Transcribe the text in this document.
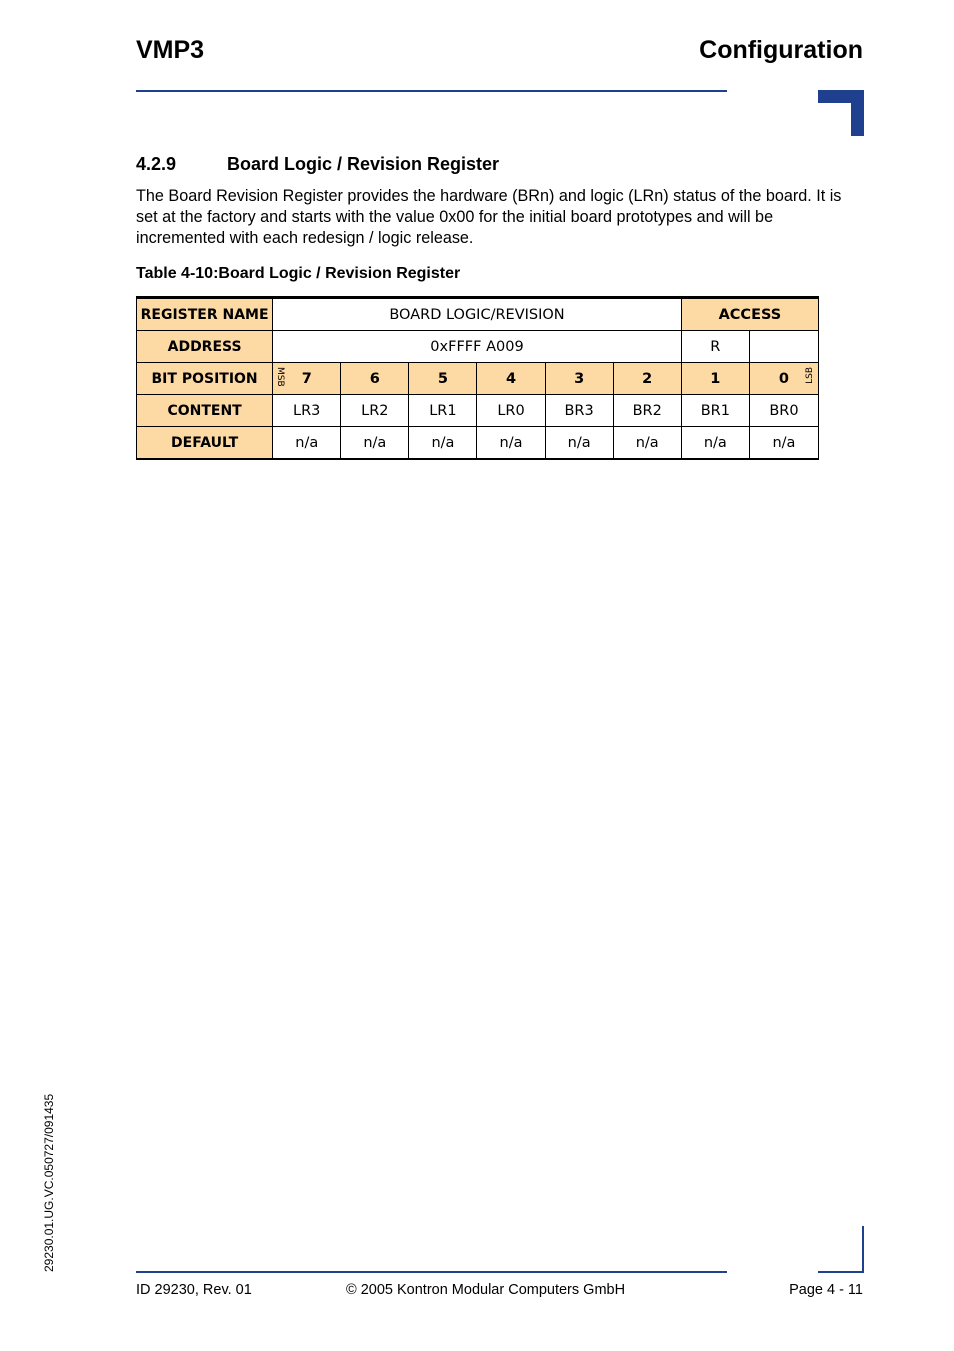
VMP3	Configuration
4.2.9	Board Logic / Revision Register
The Board Revision Register provides the hardware (BRn) and logic (LRn) status of the board. It is set at the factory and starts with the value 0x00 for the initial board prototypes and will be incremented with each redesign / logic release.
Table 4-10:Board Logic / Revision Register
REGISTER NAME	BOARD LOGIC/REVISION						ACCESS	
ADDRESS	0xFFFF A009						R	
BIT POSITION	MSB 7	6	5	4	3	2	1	0 LSB

CONTENT	LR3	LR2	LR1	LR0	BR3	BR2	BR1	BR0
DEFAULT	n/a	n/a	n/a	n/a	n/a	n/a	n/a	n/a
29230.01.UG.VC.050727/091435
ID 29230, Rev. 01	© 2005 Kontron Modular Computers GmbH	Page 4 - 11
